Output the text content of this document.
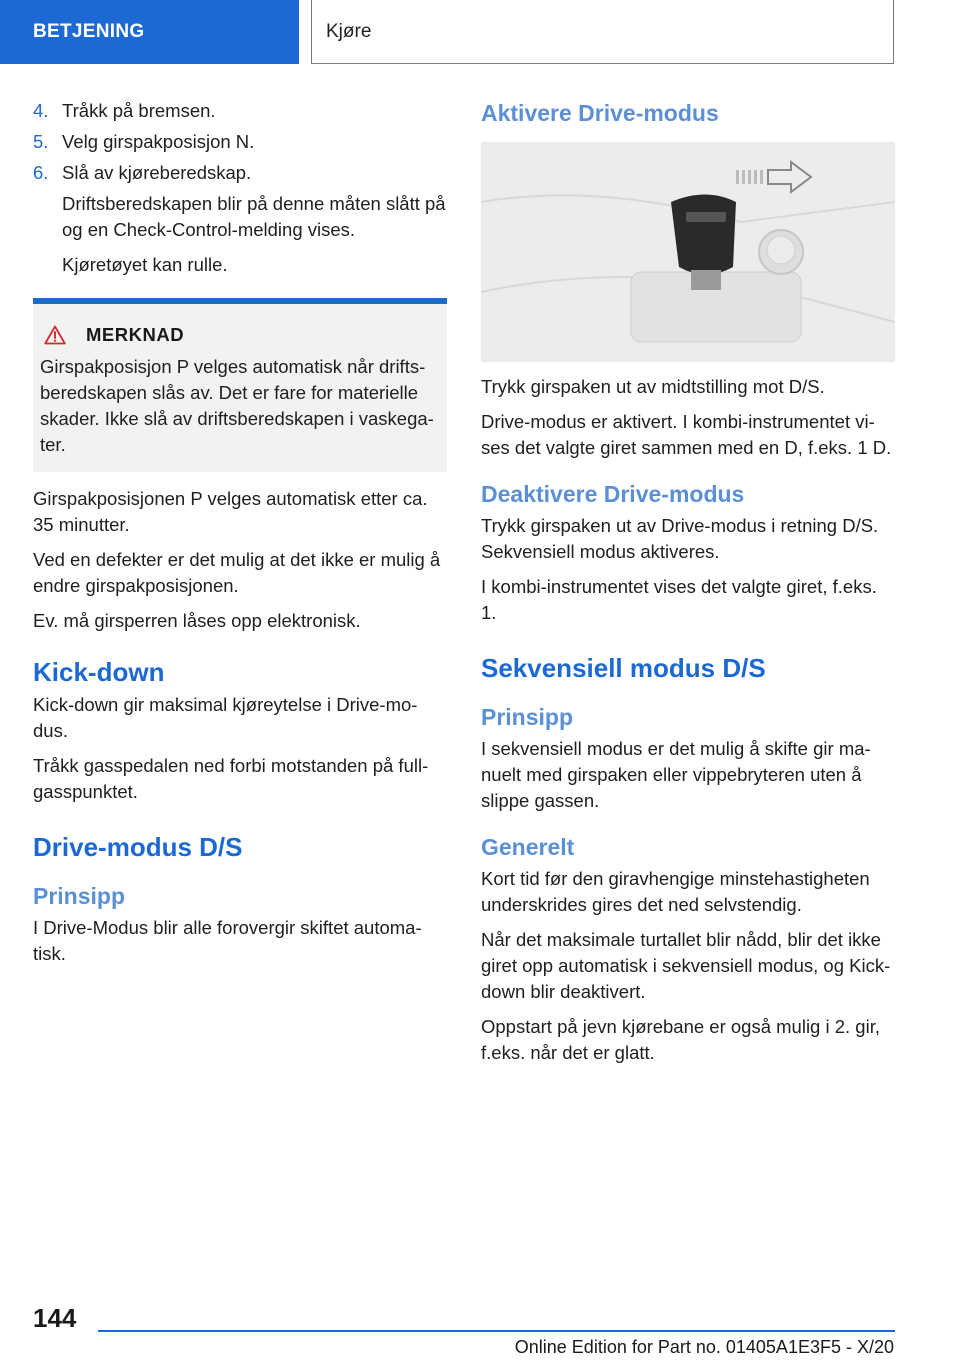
BETJENING	Kjøre

4. Tråkk på bremsen.

5. Velg girspakposisjon N.

6. Slå av kjøreberedskap.

Driftsberedskapen blir på denne måten slått på og en Check-Control-melding vises.

Kjøretøyet kan rulle.

MERKNAD

Girspakposisjon P velges automatisk når drifts-beredskapen slås av. Det er fare for materielle skader. Ikke slå av driftsberedskapen i vaskega-ter.

Girspakposisjonen P velges automatisk etter ca. 35 minutter.

Ved en defekter er det mulig at det ikke er mulig å endre girspakposisjonen.

Ev. må girsperren låses opp elektronisk.

Kick-down

Kick-down gir maksimal kjøreytelse i Drive-mo-dus.

Tråkk gasspedalen ned forbi motstanden på full-gasspunktet.

Drive-modus D/S
Prinsipp

I Drive-Modus blir alle forovergir skiftet automa-tisk.

Aktivere Drive-modus

Trykk girspaken ut av midtstilling mot D/S.

Drive-modus er aktivert. I kombi-instrumentet vi-ses det valgte giret sammen med en D, f.eks. 1 D.

Deaktivere Drive-modus

Trykk girspaken ut av Drive-modus i retning D/S. Sekvensiell modus aktiveres.

I kombi-instrumentet vises det valgte giret, f.eks. 1.

Sekvensiell modus D/S
Prinsipp

I sekvensiell modus er det mulig å skifte gir ma-nuelt med girspaken eller vippebryteren uten å slippe gassen.

Generelt

Kort tid før den giravhengige minstehastigheten underskrides gires det ned selvstendig.

Når det maksimale turtallet blir nådd, blir det ikke giret opp automatisk i sekvensiell modus, og Kick-down blir deaktivert.

Oppstart på jevn kjørebane er også mulig i 2. gir, f.eks. når det er glatt.

144
Online Edition for Part no. 01405A1E3F5 - X/20
